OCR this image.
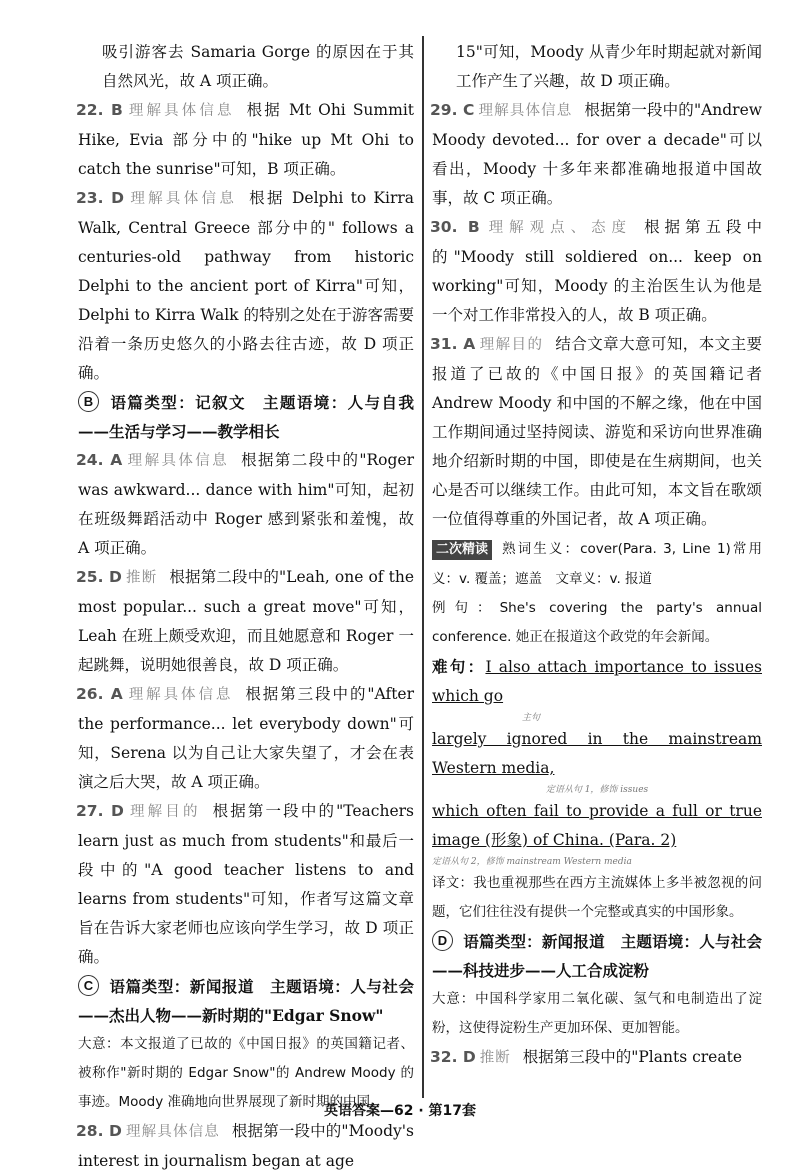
吸引游客去 Samaria Gorge 的原因在于其自然风光，故 A 项正确。

22. B 理解具体信息 根据 Mt Ohi Summit Hike, Evia 部分中的"hike up Mt Ohi to catch the sunrise"可知，B 项正确。

23. D 理解具体信息 根据 Delphi to Kirra Walk, Central Greece 部分中的" follows a centuries-old pathway from historic Delphi to the ancient port of Kirra"可知，Delphi to Kirra Walk 的特别之处在于游客需要沿着一条历史悠久的小路去往古迹，故 D 项正确。

B 语篇类型：记叙文　主题语境：人与自我——生活与学习——教学相长

24. A 理解具体信息 根据第二段中的"Roger was awkward... dance with him"可知，起初在班级舞蹈活动中 Roger 感到紧张和羞愧，故 A 项正确。

25. D 推断 根据第二段中的"Leah, one of the most popular... such a great move"可知，Leah 在班上颇受欢迎，而且她愿意和 Roger 一起跳舞，说明她很善良，故 D 项正确。

26. A 理解具体信息 根据第三段中的"After the performance... let everybody down"可知，Serena 以为自己让大家失望了，才会在表演之后大哭，故 A 项正确。

27. D 理解目的 根据第一段中的"Teachers learn just as much from students"和最后一段中的"A good teacher listens to and learns from students"可知，作者写这篇文章旨在告诉大家老师也应该向学生学习，故 D 项正确。

C 语篇类型：新闻报道　主题语境：人与社会——杰出人物——新时期的"Edgar Snow"

大意：本文报道了已故的《中国日报》的英国籍记者、被称作"新时期的 Edgar Snow"的 Andrew Moody 的事迹。Moody 准确地向世界展现了新时期的中国。

28. D 理解具体信息 根据第一段中的"Moody's interest in journalism began at age

15"可知，Moody 从青少年时期起就对新闻工作产生了兴趣，故 D 项正确。

29. C 理解具体信息 根据第一段中的"Andrew Moody devoted... for over a decade"可以看出，Moody 十多年来都准确地报道中国故事，故 C 项正确。

30. B 理解观点、态度 根据第五段中的"Moody still soldiered on... keep on working"可知，Moody 的主治医生认为他是一个对工作非常投入的人，故 B 项正确。

31. A 理解目的 结合文章大意可知，本文主要报道了已故的《中国日报》的英国籍记者 Andrew Moody 和中国的不解之缘，他在中国工作期间通过坚持阅读、游览和采访向世界准确地介绍新时期的中国，即使是在生病期间，也关心是否可以继续工作。由此可知，本文旨在歌颂一位值得尊重的外国记者，故 A 项正确。

二次精读 熟词生义：cover(Para. 3, Line 1)常用义：v. 覆盖；遮盖　文章义：v. 报道

例句：She's covering the party's annual conference. 她正在报道这个政党的年会新闻。

难句：I also attach importance to issues which go

主句

largely ignored in the mainstream Western media,

定语从句 1，修饰 issues

which often fail to provide a full or true image (形象) of China. (Para. 2)

定语从句 2，修饰 mainstream Western media

译文：我也重视那些在西方主流媒体上多半被忽视的问题，它们往往没有提供一个完整或真实的中国形象。

D 语篇类型：新闻报道　主题语境：人与社会——科技进步——人工合成淀粉

大意：中国科学家用二氧化碳、氢气和电制造出了淀粉，这使得淀粉生产更加环保、更加智能。

32. D 推断 根据第三段中的"Plants create

英语答案—62 · 第17套
